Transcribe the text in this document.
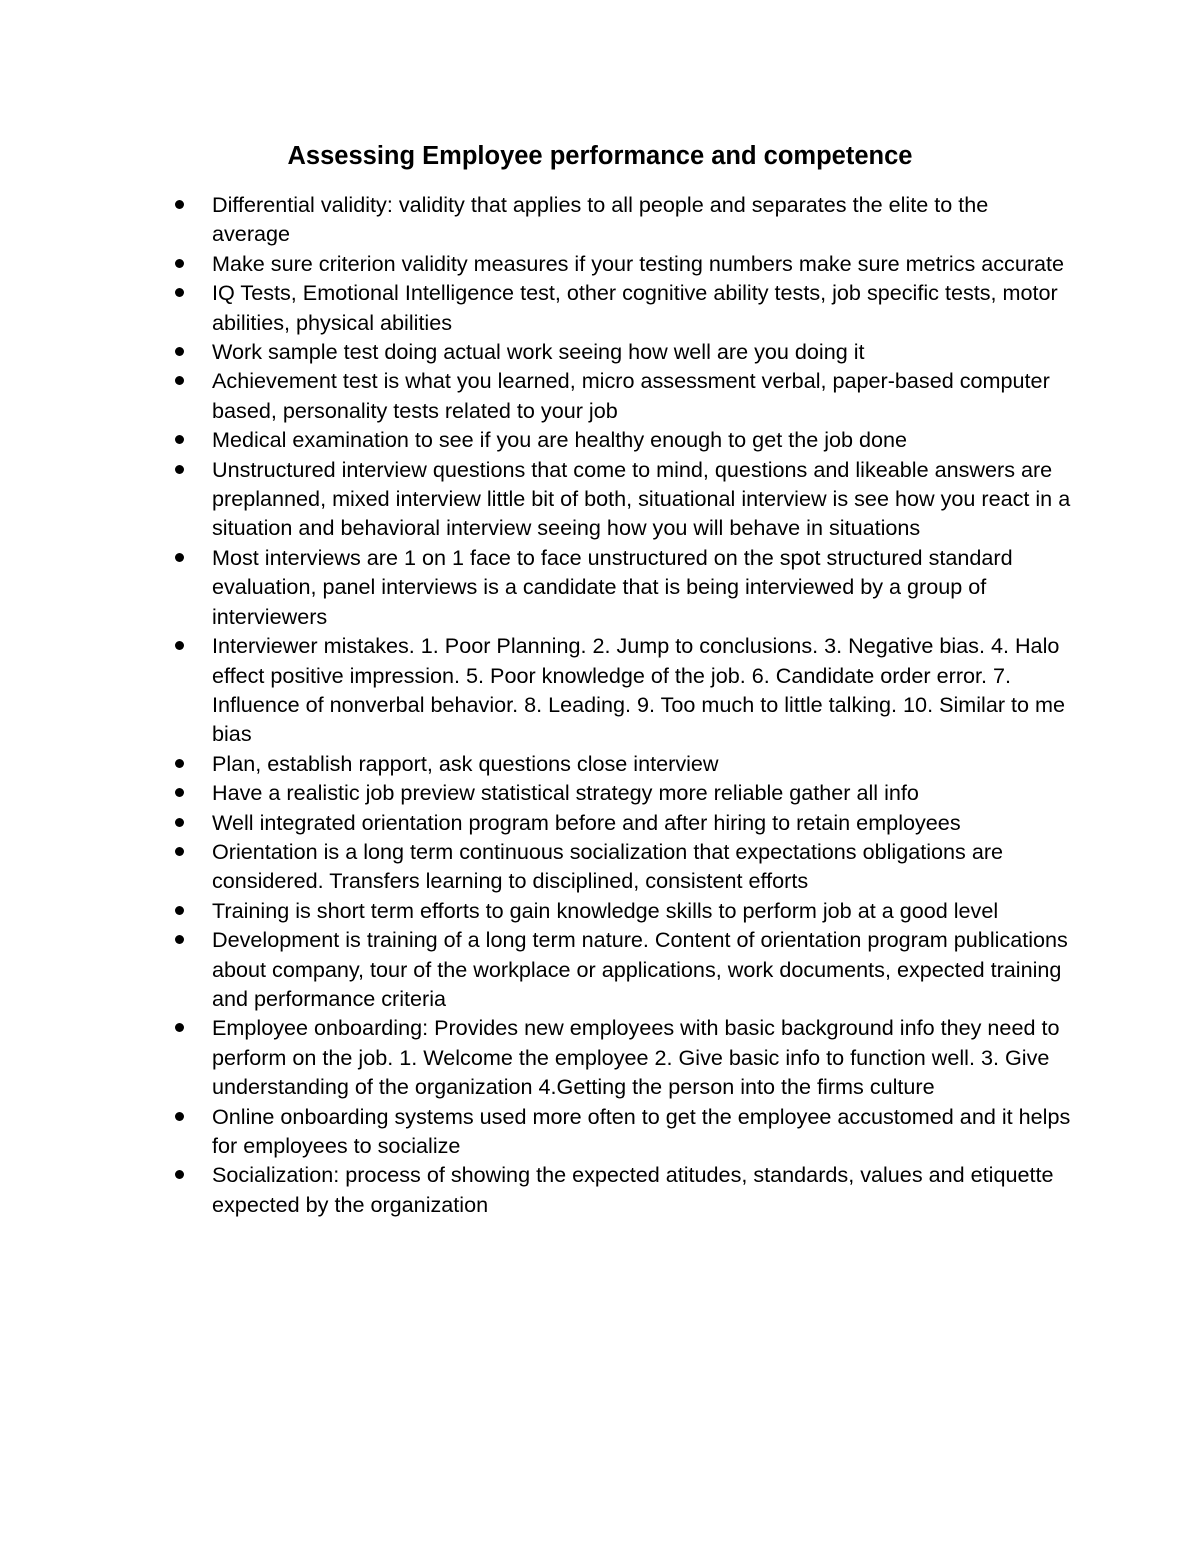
Assessing Employee performance and competence
Differential validity: validity that applies to all people and separates the elite to the average
Make sure criterion validity measures if your testing numbers make sure metrics accurate
IQ Tests, Emotional Intelligence test, other cognitive ability tests, job specific tests, motor abilities, physical abilities
Work sample test doing actual work seeing how well are you doing it
Achievement test is what you learned, micro assessment verbal, paper-based computer based, personality tests related to your job
Medical examination to see if you are healthy enough to get the job done
Unstructured interview questions that come to mind, questions and likeable answers are preplanned, mixed interview little bit of both, situational interview is see how you react in a situation and behavioral interview seeing how you will behave in situations
Most interviews are 1 on 1 face to face unstructured on the spot structured standard evaluation, panel interviews is a candidate that is being interviewed by a group of interviewers
Interviewer mistakes. 1. Poor Planning. 2. Jump to conclusions. 3. Negative bias. 4. Halo effect positive impression. 5. Poor knowledge of the job. 6. Candidate order error. 7. Influence of nonverbal behavior. 8. Leading. 9. Too much to little talking. 10. Similar to me bias
Plan, establish rapport, ask questions close interview
Have a realistic job preview statistical strategy more reliable gather all info
Well integrated orientation program before and after hiring to retain employees
Orientation is a long term continuous socialization that expectations obligations are considered. Transfers learning to disciplined, consistent efforts
Training is short term efforts to gain knowledge skills to perform job at a good level
Development is training of a long term nature. Content of orientation program publications about company, tour of the workplace or applications, work documents, expected training and performance criteria
Employee onboarding: Provides new employees with basic background info they need to perform on the job. 1. Welcome the employee 2. Give basic info to function well. 3. Give understanding of the organization 4.Getting the person into the firms culture
Online onboarding systems used more often to get the employee accustomed and it helps for employees to socialize
Socialization: process of showing the expected atitudes, standards, values and etiquette expected by the organization
